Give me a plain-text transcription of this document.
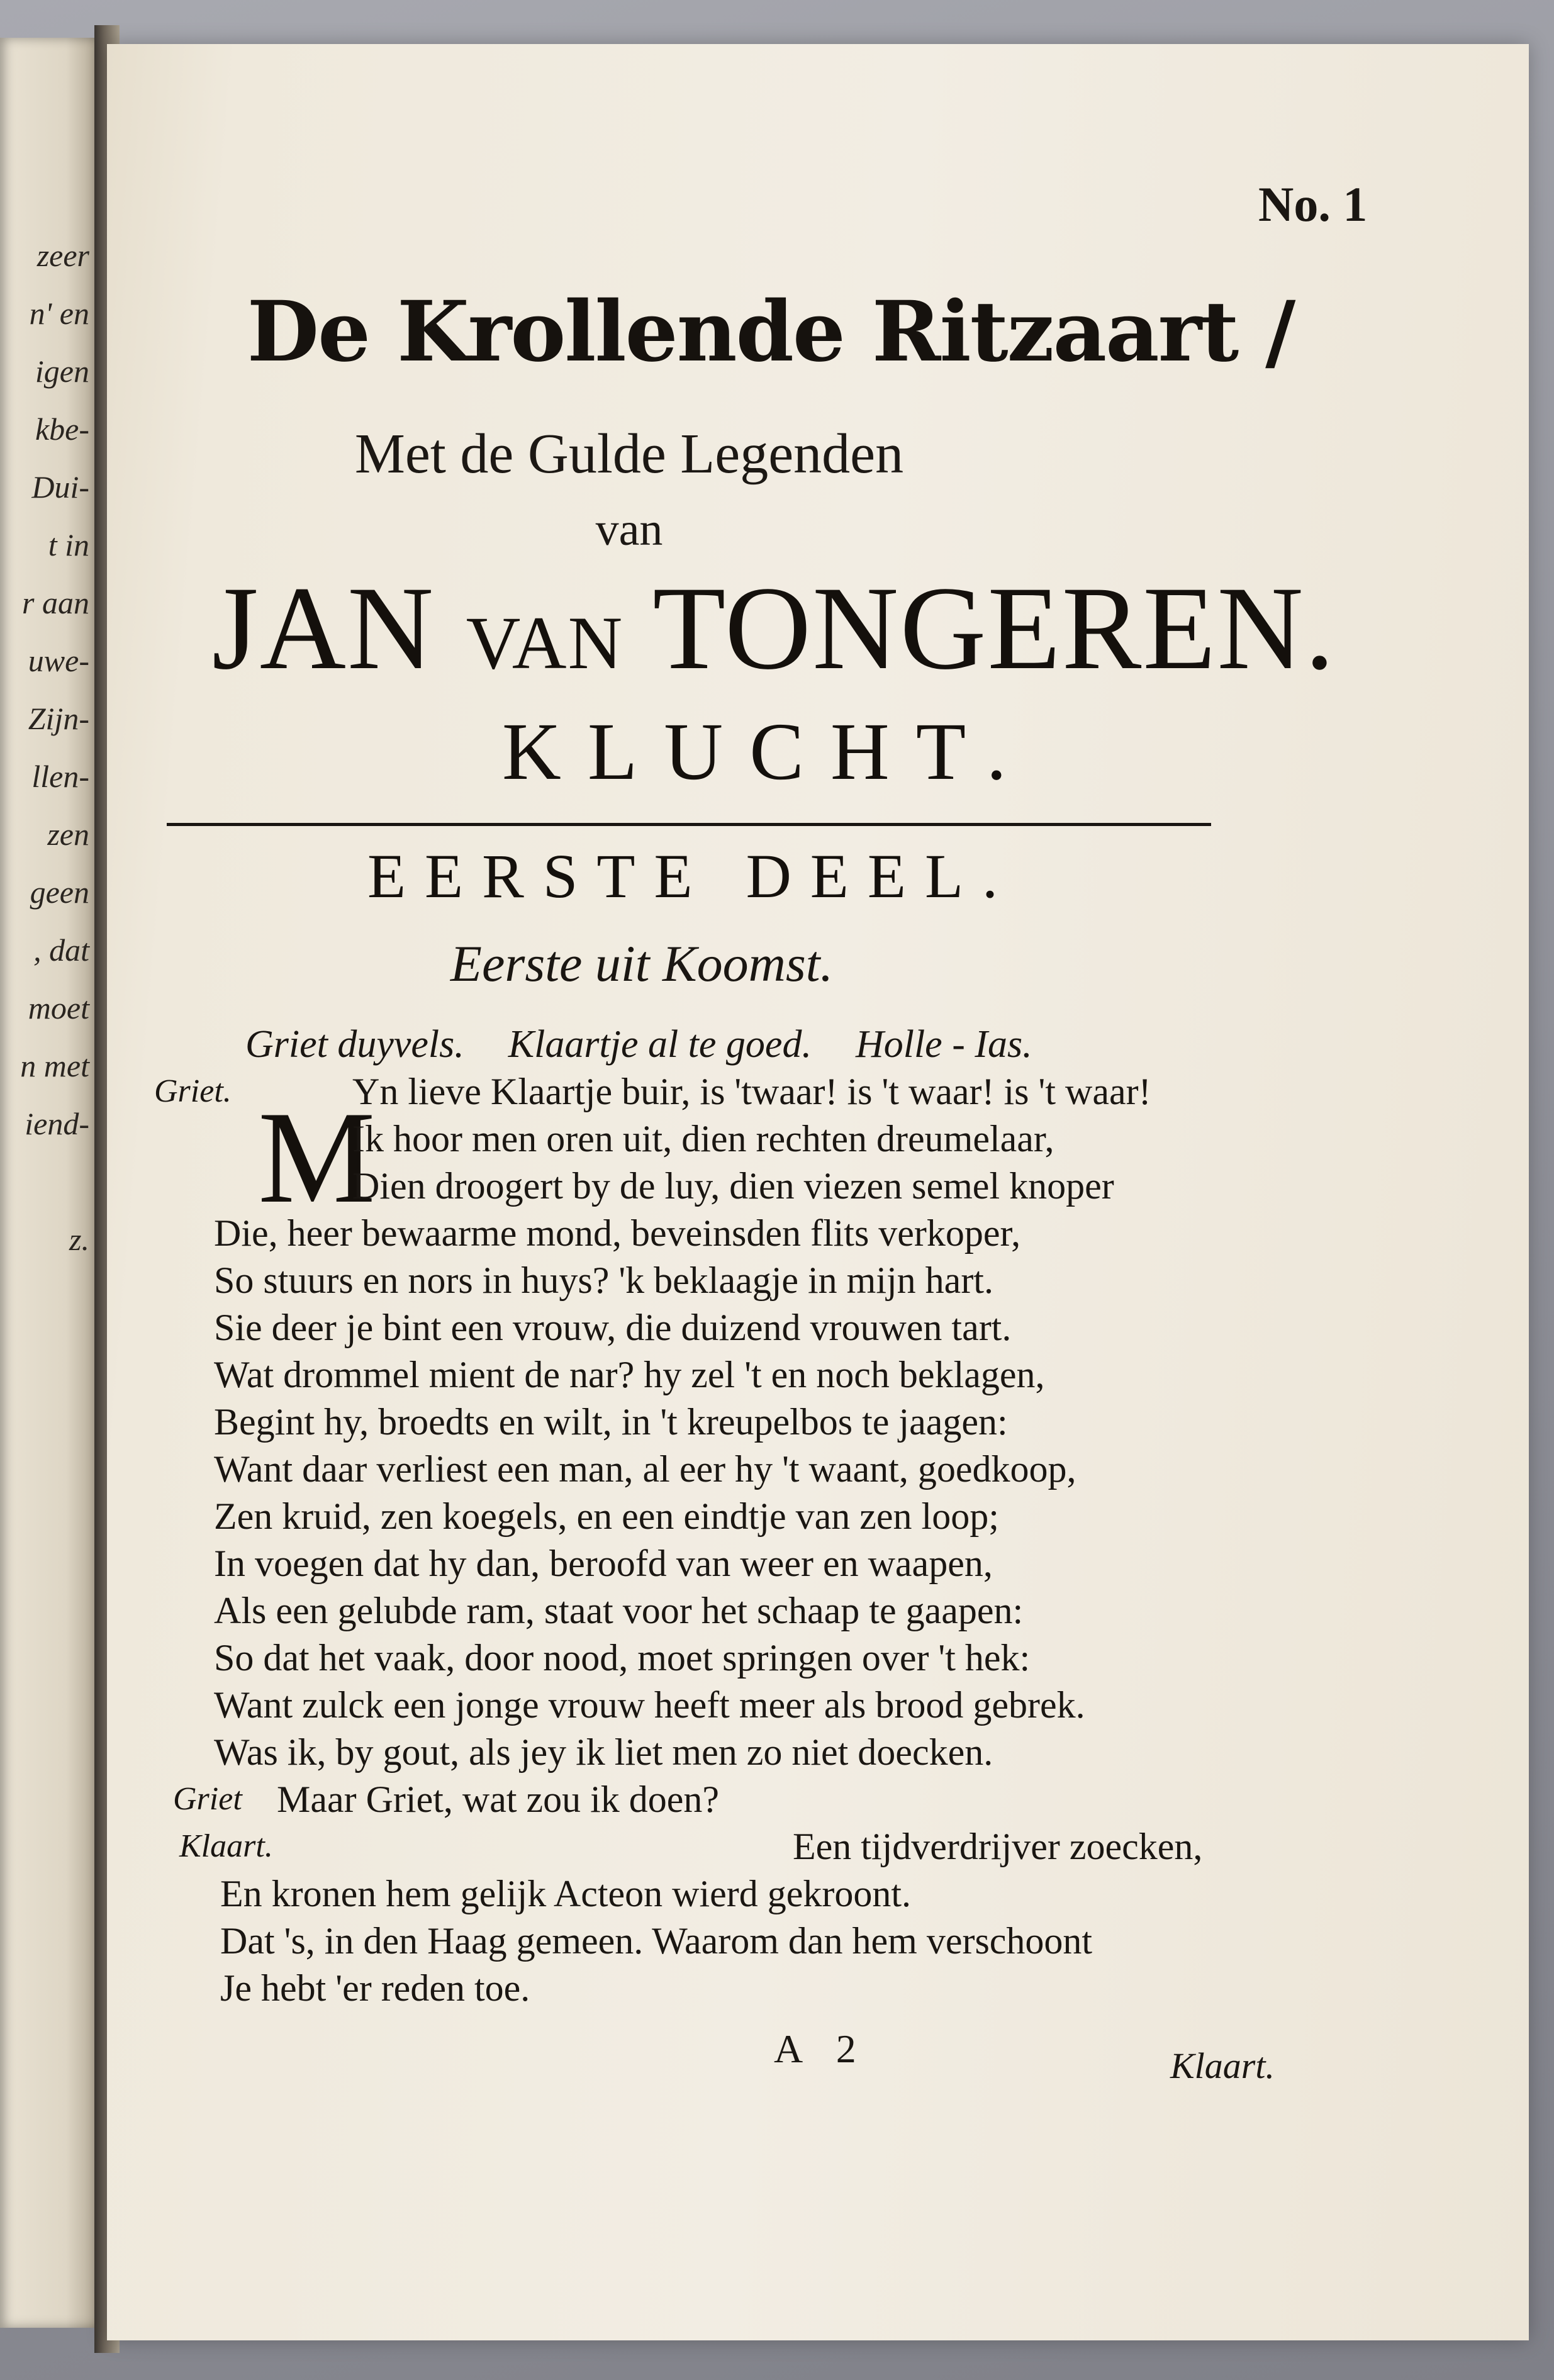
zeer
n' en
igen
kbe-
Dui-
t in
r aan
uwe-
Zijn-
llen-
zen
geen
, dat
moet
n met
iend-
z.
No. 1
De Krollende Ritzaart /
Met de Gulde Legenden
van
JAN VAN TONGEREN.
KLUCHT.
EERSTE DEEL.
Eerste uit Koomst.
Griet duyvels. Klaartje al te goed. Holle - Ias.
M
Griet.	Yn lieve Klaartje buir, is 'twaar! is 't waar! is 't waar!
Ik hoor men oren uit, dien rechten dreumelaar,
Dien droogert by de luy, dien viezen semel knoper
Die, heer bewaarme mond, beveinsden flits verkoper,
So stuurs en nors in huys? 'k beklaagje in mijn hart.
Sie deer je bint een vrouw, die duizend vrouwen tart.
Wat drommel mient de nar? hy zel 't en noch beklagen,
Begint hy, broedts en wilt, in 't kreupelbos te jaagen:
Want daar verliest een man, al eer hy 't waant, goedkoop,
Zen kruid, zen koegels, en een eindtje van zen loop;
In voegen dat hy dan, beroofd van weer en waapen,
Als een gelubde ram, staat voor het schaap te gaapen:
So dat het vaak, door nood, moet springen over 't hek:
Want zulck een jonge vrouw heeft meer als brood gebrek.
Was ik, by gout, als jey ik liet men zo niet doecken.
Griet Maar Griet, wat zou ik doen?
Klaart.	Een tijdverdrijver zoecken,
En kronen hem gelijk Acteon wierd gekroont.
Dat 's, in den Haag gemeen. Waarom dan hem verschoont
Je hebt 'er reden toe.
A 2	Klaart.
